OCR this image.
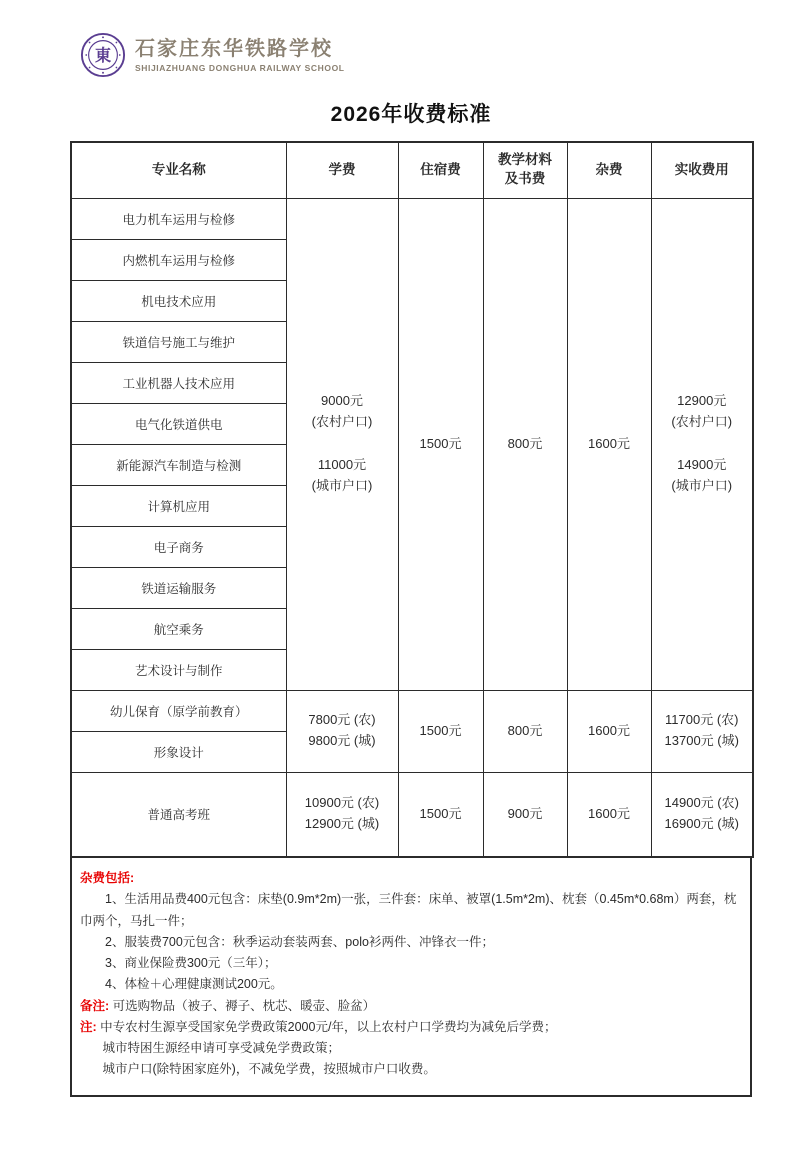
東 石家庄东华铁路学校
SHIJIAZHUANG DONGHUA RAILWAY SCHOOL
2026年收费标准
专业名称	学费	住宿费	教学材料
及书费	杂费	实收费用
电力机车运用与检修	9000元
(农村户口)
11000元
(城市户口)	1500元	800元	1600元	12900元
(农村户口)
14900元
(城市户口)

内燃机车运用与检修					
机电技术应用					
铁道信号施工与维护					
工业机器人技术应用					
电气化铁道供电					
新能源汽车制造与检测					
计算机应用					
电子商务					
铁道运输服务					
航空乘务					
艺术设计与制作					
幼儿保育（原学前教育）	7800元 (农)
9800元 (城)	1500元	800元	1600元	11700元 (农)
13700元 (城)

形象设计					
普通高考班	10900元 (农)
12900元 (城)	1500元	900元	1600元	14900元 (农)
16900元 (城)
杂费包括:
1、生活用品费400元包含：床垫(0.9m*2m)一张，三件套：床单、被罩(1.5m*2m)、枕套（0.45m*0.68m）两套，枕巾两个，马扎一件；
2、服装费700元包含：秋季运动套装两套、polo衫两件、冲锋衣一件；
3、商业保险费300元（三年）；
4、体检＋心理健康测试200元。
备注: 可选购物品（被子、褥子、枕芯、暖壶、脸盆）
注: 中专农村生源享受国家免学费政策2000元/年，以上农村户口学费均为减免后学费；
城市特困生源经申请可享受减免学费政策；
城市户口(除特困家庭外)，不减免学费，按照城市户口收费。
